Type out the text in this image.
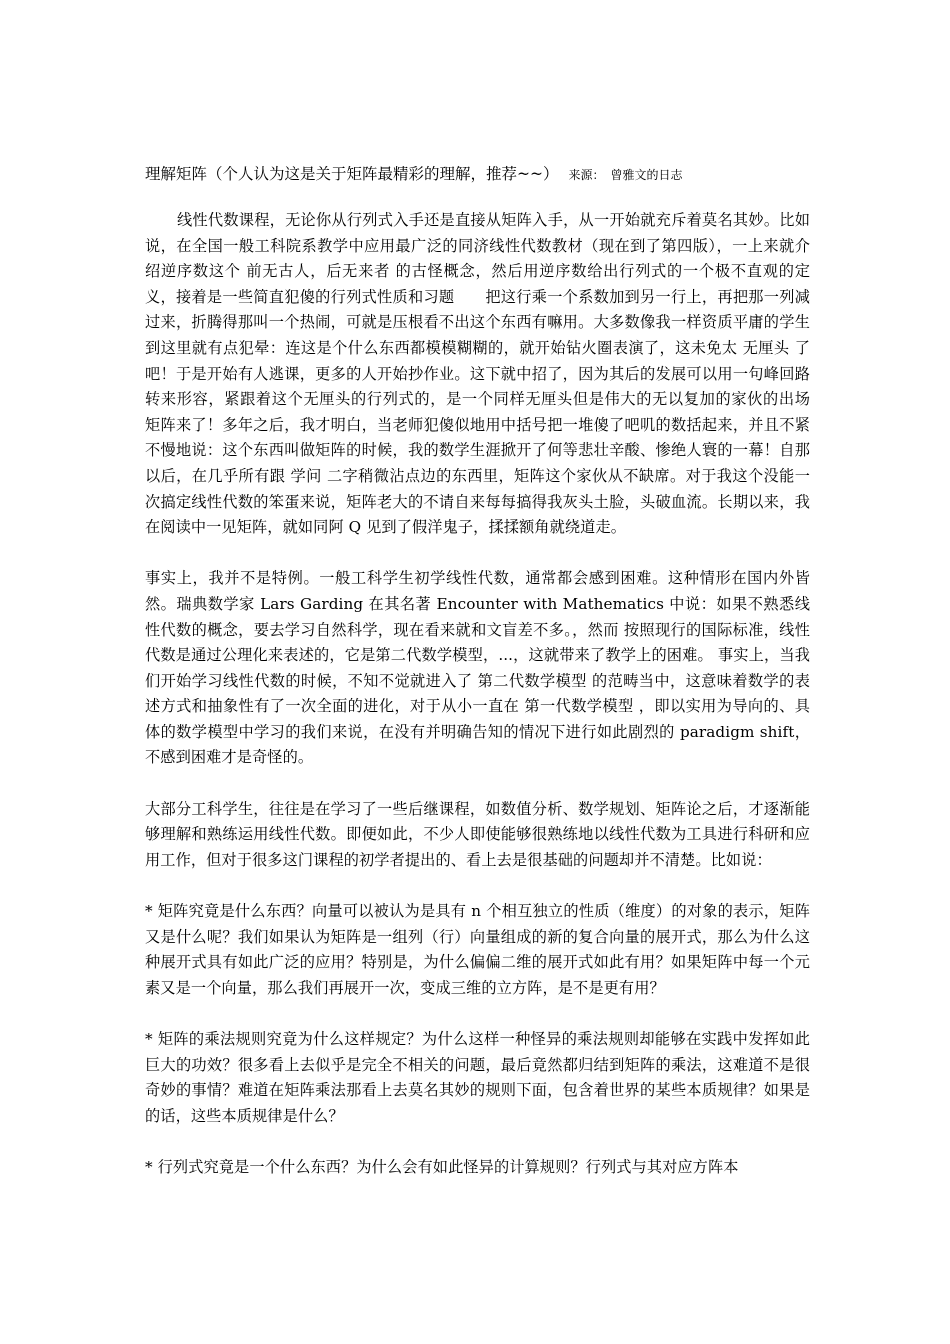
理解矩阵（个人认为这是关于矩阵最精彩的理解，推荐~~） 来源：　曾雅文的日志

线性代数课程，无论你从行列式入手还是直接从矩阵入手，从一开始就充斥着莫名其妙。比如说，在全国一般工科院系教学中应用最广泛的同济线性代数教材（现在到了第四版），一上来就介绍逆序数这个 前无古人，后无来者 的古怪概念，然后用逆序数给出行列式的一个极不直观的定义，接着是一些简直犯傻的行列式性质和习题　　把这行乘一个系数加到另一行上，再把那一列减过来，折腾得那叫一个热闹，可就是压根看不出这个东西有嘛用。大多数像我一样资质平庸的学生到这里就有点犯晕：连这是个什么东西都模模糊糊的，就开始钻火圈表演了，这未免太 无厘头 了吧！于是开始有人逃课，更多的人开始抄作业。这下就中招了，因为其后的发展可以用一句峰回路转来形容，紧跟着这个无厘头的行列式的，是一个同样无厘头但是伟大的无以复加的家伙的出场　　矩阵来了！多年之后，我才明白，当老师犯傻似地用中括号把一堆傻了吧叽的数括起来，并且不紧不慢地说：这个东西叫做矩阵的时候，我的数学生涯掀开了何等悲壮辛酸、惨绝人寰的一幕！自那以后，在几乎所有跟 学问 二字稍微沾点边的东西里，矩阵这个家伙从不缺席。对于我这个没能一次搞定线性代数的笨蛋来说，矩阵老大的不请自来每每搞得我灰头土脸，头破血流。长期以来，我在阅读中一见矩阵，就如同阿 Q 见到了假洋鬼子，揉揉额角就绕道走。

事实上，我并不是特例。一般工科学生初学线性代数，通常都会感到困难。这种情形在国内外皆然。瑞典数学家 Lars Garding 在其名著 Encounter with Mathematics 中说：如果不熟悉线性代数的概念，要去学习自然科学，现在看来就和文盲差不多。，然而 按照现行的国际标准，线性代数是通过公理化来表述的，它是第二代数学模型，...，这就带来了教学上的困难。 事实上，当我们开始学习线性代数的时候，不知不觉就进入了 第二代数学模型 的范畴当中，这意味着数学的表述方式和抽象性有了一次全面的进化，对于从小一直在 第一代数学模型 ，即以实用为导向的、具体的数学模型中学习的我们来说，在没有并明确告知的情况下进行如此剧烈的 paradigm shift，不感到困难才是奇怪的。

大部分工科学生，往往是在学习了一些后继课程，如数值分析、数学规划、矩阵论之后，才逐渐能够理解和熟练运用线性代数。即便如此，不少人即使能够很熟练地以线性代数为工具进行科研和应用工作，但对于很多这门课程的初学者提出的、看上去是很基础的问题却并不清楚。比如说：

* 矩阵究竟是什么东西？向量可以被认为是具有 n 个相互独立的性质（维度）的对象的表示，矩阵又是什么呢？我们如果认为矩阵是一组列（行）向量组成的新的复合向量的展开式，那么为什么这种展开式具有如此广泛的应用？特别是，为什么偏偏二维的展开式如此有用？如果矩阵中每一个元素又是一个向量，那么我们再展开一次，变成三维的立方阵，是不是更有用？

* 矩阵的乘法规则究竟为什么这样规定？为什么这样一种怪异的乘法规则却能够在实践中发挥如此巨大的功效？很多看上去似乎是完全不相关的问题，最后竟然都归结到矩阵的乘法，这难道不是很奇妙的事情？难道在矩阵乘法那看上去莫名其妙的规则下面，包含着世界的某些本质规律？如果是的话，这些本质规律是什么？

* 行列式究竟是一个什么东西？为什么会有如此怪异的计算规则？行列式与其对应方阵本
